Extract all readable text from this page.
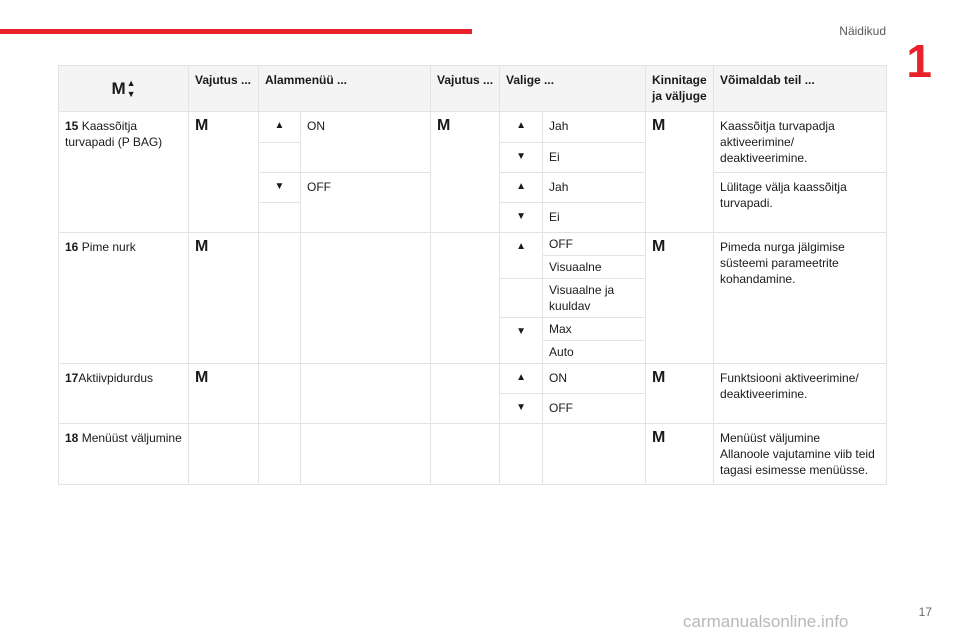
Näidikud
1
M ▲
▼	Vajutus ...	Alammenüü ...		Vajutus ...	Valige ...		Kinnitage ja väljuge	Võimaldab teil ...
15 Kaassõitja turvapadi (P BAG)	M	▲	ON	M	▲	Jah	M	Kaassõitja turvapadja aktiveerimine/ deaktiveerimine.

					▼	Ei		

		▼	OFF		▲	Jah		Lülitage välja kaassõitja turvapadi.

					▼	Ei		
16 Pime nurk	M				▲	OFF	M	Pimeda nurga jälgimise süsteemi parameetrite kohandamine.
						Visuaalne		
						Visuaalne ja kuuldav		

					▼	Max		
						Auto		
17Aktiivpidurdus	M				▲	ON	M	Funktsiooni aktiveerimine/ deaktiveerimine.

					▼	OFF		
18 Menüüst väljumine							M	Menüüst väljumine
Allanoole vajutamine viib teid tagasi esimesse menüüsse.
17
carmanualsonline.info
